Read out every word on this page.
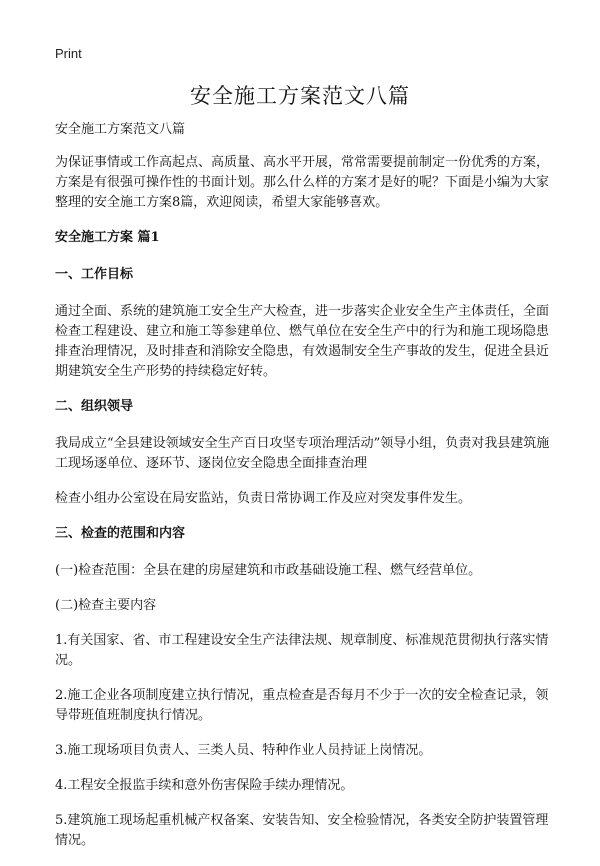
Print
安全施工方案范文八篇

安全施工方案范文八篇

为保证事情或工作高起点、高质量、高水平开展，常常需要提前制定一份优秀的方案，方案是有很强可操作性的书面计划。那么什么样的方案才是好的呢？下面是小编为大家整理的安全施工方案8篇，欢迎阅读，希望大家能够喜欢。

安全施工方案 篇1

一、工作目标

通过全面、系统的建筑施工安全生产大检查，进一步落实企业安全生产主体责任，全面检查工程建设、建立和施工等参建单位、燃气单位在安全生产中的行为和施工现场隐患排查治理情况，及时排查和消除安全隐患，有效遏制安全生产事故的发生，促进全县近期建筑安全生产形势的持续稳定好转。

二、组织领导

我局成立“全县建设领域安全生产百日攻坚专项治理活动”领导小组，负责对我县建筑施工现场逐单位、逐环节、逐岗位安全隐患全面排查治理

检查小组办公室设在局安监站，负责日常协调工作及应对突发事件发生。

三、检查的范围和内容

(一)检查范围：全县在建的房屋建筑和市政基础设施工程、燃气经营单位。

(二)检查主要内容

1.有关国家、省、市工程建设安全生产法律法规、规章制度、标准规范贯彻执行落实情况。

2.施工企业各项制度建立执行情况，重点检查是否每月不少于一次的安全检查记录，领导带班值班制度执行情况。

3.施工现场项目负责人、三类人员、特种作业人员持证上岗情况。

4.工程安全报监手续和意外伤害保险手续办理情况。

5.建筑施工现场起重机械产权备案、安装告知、安全检验情况，各类安全防护装置管理情况。
